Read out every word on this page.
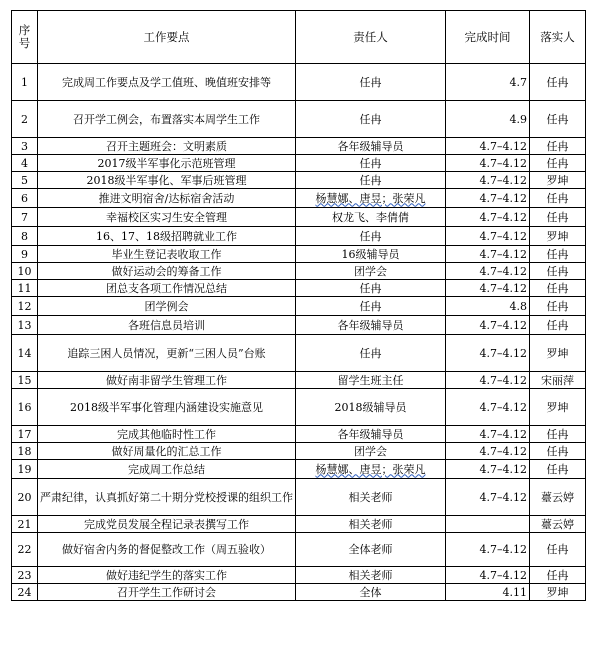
序号	工作要点	责任人	完成时间	落实人
1	完成周工作要点及学工值班、晚值班安排等	任冉	4.7	任冉
2	召开学工例会，布置落实本周学生工作	任冉	4.9	任冉
3	召开主题班会：文明素质	各年级辅导员	4.7–4.12	任冉
4	2017级半军事化示范班管理	任冉	4.7–4.12	任冉
5	2018级半军事化、军事后班管理	任冉	4.7–4.12	罗坤
6	推进文明宿舍/达标宿舍活动	杨慧娜、唐昱；张荣凡	4.7–4.12	任冉
7	幸福校区实习生安全管理	权龙飞、李倩倩	4.7–4.12	任冉
8	16、17、18级招聘就业工作	任冉	4.7–4.12	罗坤
9	毕业生登记表收取工作	16级辅导员	4.7–4.12	任冉
10	做好运动会的筹备工作	团学会	4.7–4.12	任冉
11	团总支各项工作情况总结	任冉	4.7–4.12	任冉
12	团学例会	任冉	4.8	任冉
13	各班信息员培训	各年级辅导员	4.7–4.12	任冉
14	追踪三困人员情况，更新“三困人员”台账	任冉	4.7–4.12	罗坤
15	做好南非留学生管理工作	留学生班主任	4.7–4.12	宋丽萍
16	2018级半军事化管理内涵建设实施意见	2018级辅导员	4.7–4.12	罗坤
17	完成其他临时性工作	各年级辅导员	4.7–4.12	任冉
18	做好周量化的汇总工作	团学会	4.7–4.12	任冉
19	完成周工作总结	杨慧娜、唐昱；张荣凡	4.7–4.12	任冉
20	严肃纪律，认真抓好第二十期分党校授课的组织工作	相关老师	4.7–4.12	薹云婷
21	完成党员发展全程记录表撰写工作	相关老师		薹云婷
22	做好宿舍内务的督促整改工作（周五验收）	全体老师	4.7–4.12	任冉
23	做好违纪学生的落实工作	相关老师	4.7–4.12	任冉
24	召开学生工作研讨会	全体	4.11	罗坤
